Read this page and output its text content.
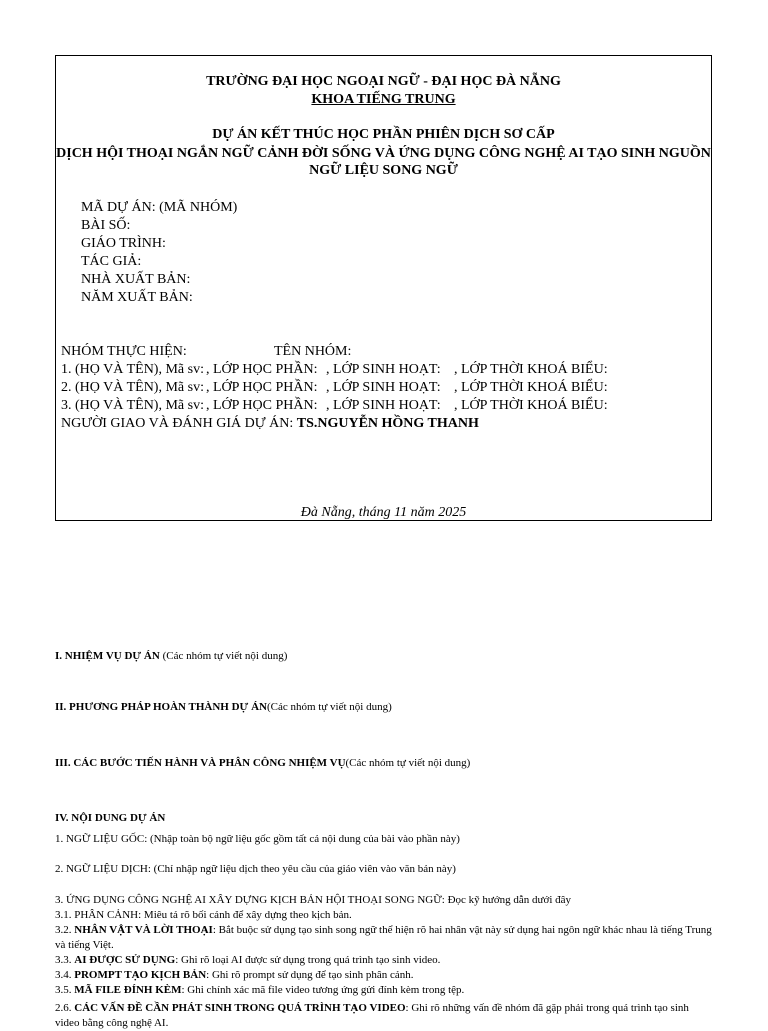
TRƯỜNG ĐẠI HỌC NGOẠI NGỮ - ĐẠI HỌC ĐÀ NẴNG
KHOA TIẾNG TRUNG
DỰ ÁN KẾT THÚC HỌC PHẦN PHIÊN DỊCH SƠ CẤP
DỊCH HỘI THOẠI NGẮN NGỮ CẢNH ĐỜI SỐNG VÀ ỨNG DỤNG CÔNG NGHỆ AI TẠO SINH NGUỒN
NGỮ LIỆU SONG NGỮ
MÃ DỰ ÁN: (MÃ NHÓM)
BÀI SỐ:
GIÁO TRÌNH:
TÁC GIẢ:
NHÀ XUẤT BẢN:
NĂM XUẤT BẢN:
NHÓM THỰC HIỆN:	TÊN NHÓM:
1. (HỌ VÀ TÊN), Mã sv: , LỚP HỌC PHẦN: , LỚP SINH HOẠT: , LỚP THỜI KHOÁ BIỂU:
2. (HỌ VÀ TÊN), Mã sv: , LỚP HỌC PHẦN: , LỚP SINH HOẠT: , LỚP THỜI KHOÁ BIỂU:
3. (HỌ VÀ TÊN), Mã sv: , LỚP HỌC PHẦN: , LỚP SINH HOẠT: , LỚP THỜI KHOÁ BIỂU:
NGƯỜI GIAO VÀ ĐÁNH GIÁ DỰ ÁN: TS.NGUYỄN HỒNG THANH
Đà Nẵng, tháng 11 năm 2025
I. NHIỆM VỤ DỰ ÁN (Các nhóm tự viết nội dung)
II. PHƯƠNG PHÁP HOÀN THÀNH DỰ ÁN(Các nhóm tự viết nội dung)
III. CÁC BƯỚC TIẾN HÀNH VÀ PHÂN CÔNG NHIỆM VỤ(Các nhóm tự viết nội dung)
IV. NỘI DUNG DỰ ÁN
1. NGỮ LIỆU GỐC: (Nhập toàn bộ ngữ liệu gốc gồm tất cả nội dung của bài vào phần này)
2. NGỮ LIỆU DỊCH: (Chỉ nhập ngữ liệu dịch theo yêu cầu của giáo viên vào văn bản này)
3. ỨNG DỤNG CÔNG NGHỆ AI XÂY DỰNG KỊCH BẢN HỘI THOẠI SONG NGỮ: Đọc kỹ hướng dẫn dưới đây
3.1. PHÂN CẢNH: Miêu tả rõ bối cảnh để xây dựng theo kịch bản.
3.2. NHÂN VẬT VÀ LỜI THOẠI: Bắt buộc sử dụng tạo sinh song ngữ thể hiện rõ hai nhân vật này sử dụng hai ngôn ngữ khác nhau là tiếng Trung và tiếng Việt.
3.3. AI ĐƯỢC SỬ DỤNG: Ghi rõ loại AI được sử dụng trong quá trình tạo sinh video.
3.4. PROMPT TẠO KỊCH BẢN: Ghi rõ prompt sử dụng để tạo sinh phân cảnh.
3.5. MÃ FILE ĐÍNH KÈM: Ghi chính xác mã file video tương ứng gửi đính kèm trong tệp.
2.6. CÁC VẤN ĐỀ CẦN PHÁT SINH TRONG QUÁ TRÌNH TẠO VIDEO: Ghi rõ những vấn đề nhóm đã gặp phải trong quá trình tạo sinh video bằng công nghệ AI.
